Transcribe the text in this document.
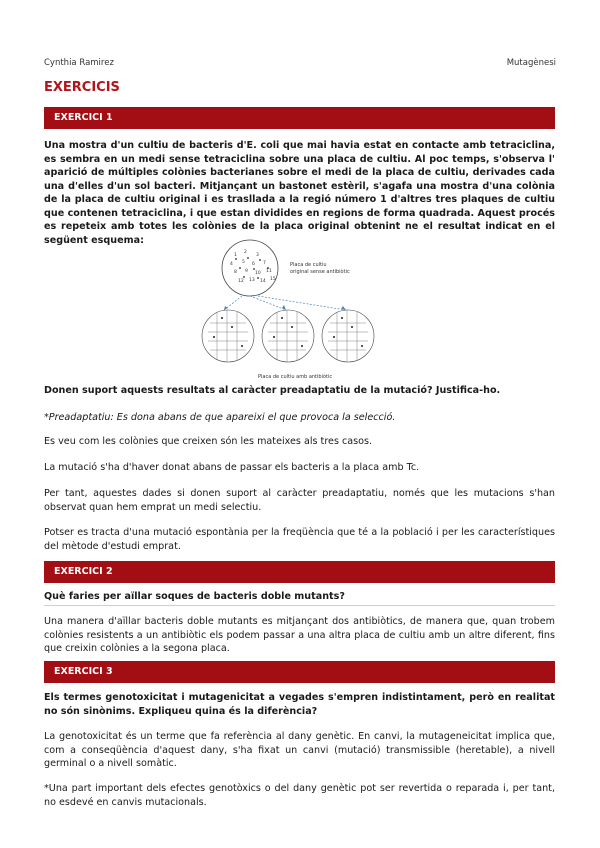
Cynthia Ramirez	Mutagènesi
EXERCICIS
EXERCICI 1

Una mostra d'un cultiu de bacteris d'E. coli que mai havia estat en contacte amb tetraciclina, es sembra en un medi sense tetraciclina sobre una placa de cultiu. Al poc temps, s'observa l' aparició de múltiples colònies bacterianes sobre el medi de la placa de cultiu, derivades cada una d'elles d'un sol bacteri. Mitjançant un bastonet estèril, s'agafa una mostra d'una colònia de la placa de cultiu original i es trasllada a la regió número 1 d'altres tres plaques de cultiu que contenen tetraciclina, i que estan dividides en regions de forma quadrada. Aquest procés es repeteix amb totes les colònies de la placa original obtenint ne el resultat indicat en el següent esquema:

1
2
3
4 5 6 7
8 9 10 11
12 13 14 15
Placa de cultiu
original sense antibiòtic
Placa de cultiu amb antibiòtic

Donen suport aquests resultats al caràcter preadaptatiu de la mutació? Justifica-ho.

*Preadaptatiu: Es dona abans de que apareixi el que provoca la selecció.

Es veu com les colònies que creixen són les mateixes als tres casos.

La mutació s'ha d'haver donat abans de passar els bacteris a la placa amb Tc.

Per tant, aquestes dades si donen suport al caràcter preadaptatiu, només que les mutacions s'han observat quan hem emprat un medi selectiu.

Potser es tracta d'una mutació espontània per la freqüència que té a la població i per les característiques del mètode d'estudi emprat.

EXERCICI 2

Què faries per aïllar soques de bacteris doble mutants?

Una manera d'aïllar bacteris doble mutants es mitjançant dos antibiòtics, de manera que, quan trobem colònies resistents a un antibiòtic els podem passar a una altra placa de cultiu amb un altre diferent, fins que creixin colònies a la segona placa.

EXERCICI 3

Els termes genotoxicitat i mutagenicitat a vegades s'empren indistintament, però en realitat no són sinònims. Expliqueu quina és la diferència?

La genotoxicitat és un terme que fa referència al dany genètic. En canvi, la mutageneicitat implica que, com a conseqüència d'aquest dany, s'ha fixat un canvi (mutació) transmissible (heretable), a nivell germinal o a nivell somàtic.

*Una part important dels efectes genotòxics o del dany genètic pot ser revertida o reparada i, per tant, no esdevé en canvis mutacionals.
